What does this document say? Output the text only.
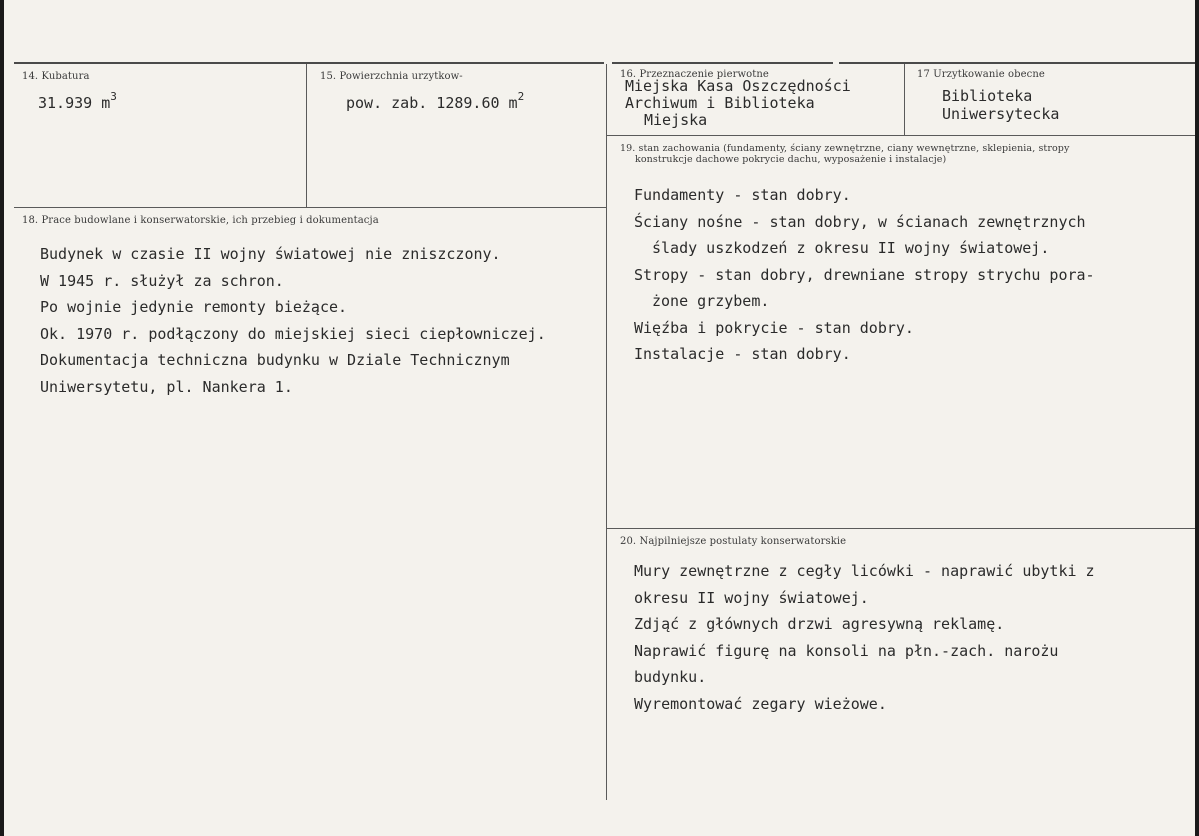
14. Kubatura
31.939 $m^3$
15. Powierzchnia urzytkow-
pow. zab. 1289.60 $m^2$
16. Przeznaczenie pierwotne
Miejska Kasa Oszczędności
Archiwum i Biblioteka
Miejska
17 Urzytkowanie obecne
Biblioteka
Uniwersytecka
18. Prace budowlane i konserwatorskie, ich przebieg i dokumentacja
Budynek w czasie II wojny światowej nie zniszczony.
W 1945 r. służył za schron.
Po wojnie jedynie remonty bieżące.
Ok. 1970 r. podłączony do miejskiej sieci ciepłowniczej.
Dokumentacja techniczna budynku w Dziale Technicznym
Uniwersytetu, pl. Nankera 1.
19. stan zachowania (fundamenty, ściany zewnętrzne, ciany wewnętrzne, sklepienia, stropy
konstrukcje dachowe pokrycie dachu, wyposażenie i instalacje)
Fundamenty - stan dobry.
Ściany nośne - stan dobry, w ścianach zewnętrznych
ślady uszkodzeń z okresu II wojny światowej.
Stropy - stan dobry, drewniane stropy strychu pora-
żone grzybem.
Więźba i pokrycie - stan dobry.
Instalacje - stan dobry.
20. Najpilniejsze postulaty konserwatorskie
Mury zewnętrzne z cegły licówki - naprawić ubytki z
okresu II wojny światowej.
Zdjąć z głównych drzwi agresywną reklamę.
Naprawić figurę na konsoli na płn.-zach. narożu
budynku.
Wyremontować zegary wieżowe.
